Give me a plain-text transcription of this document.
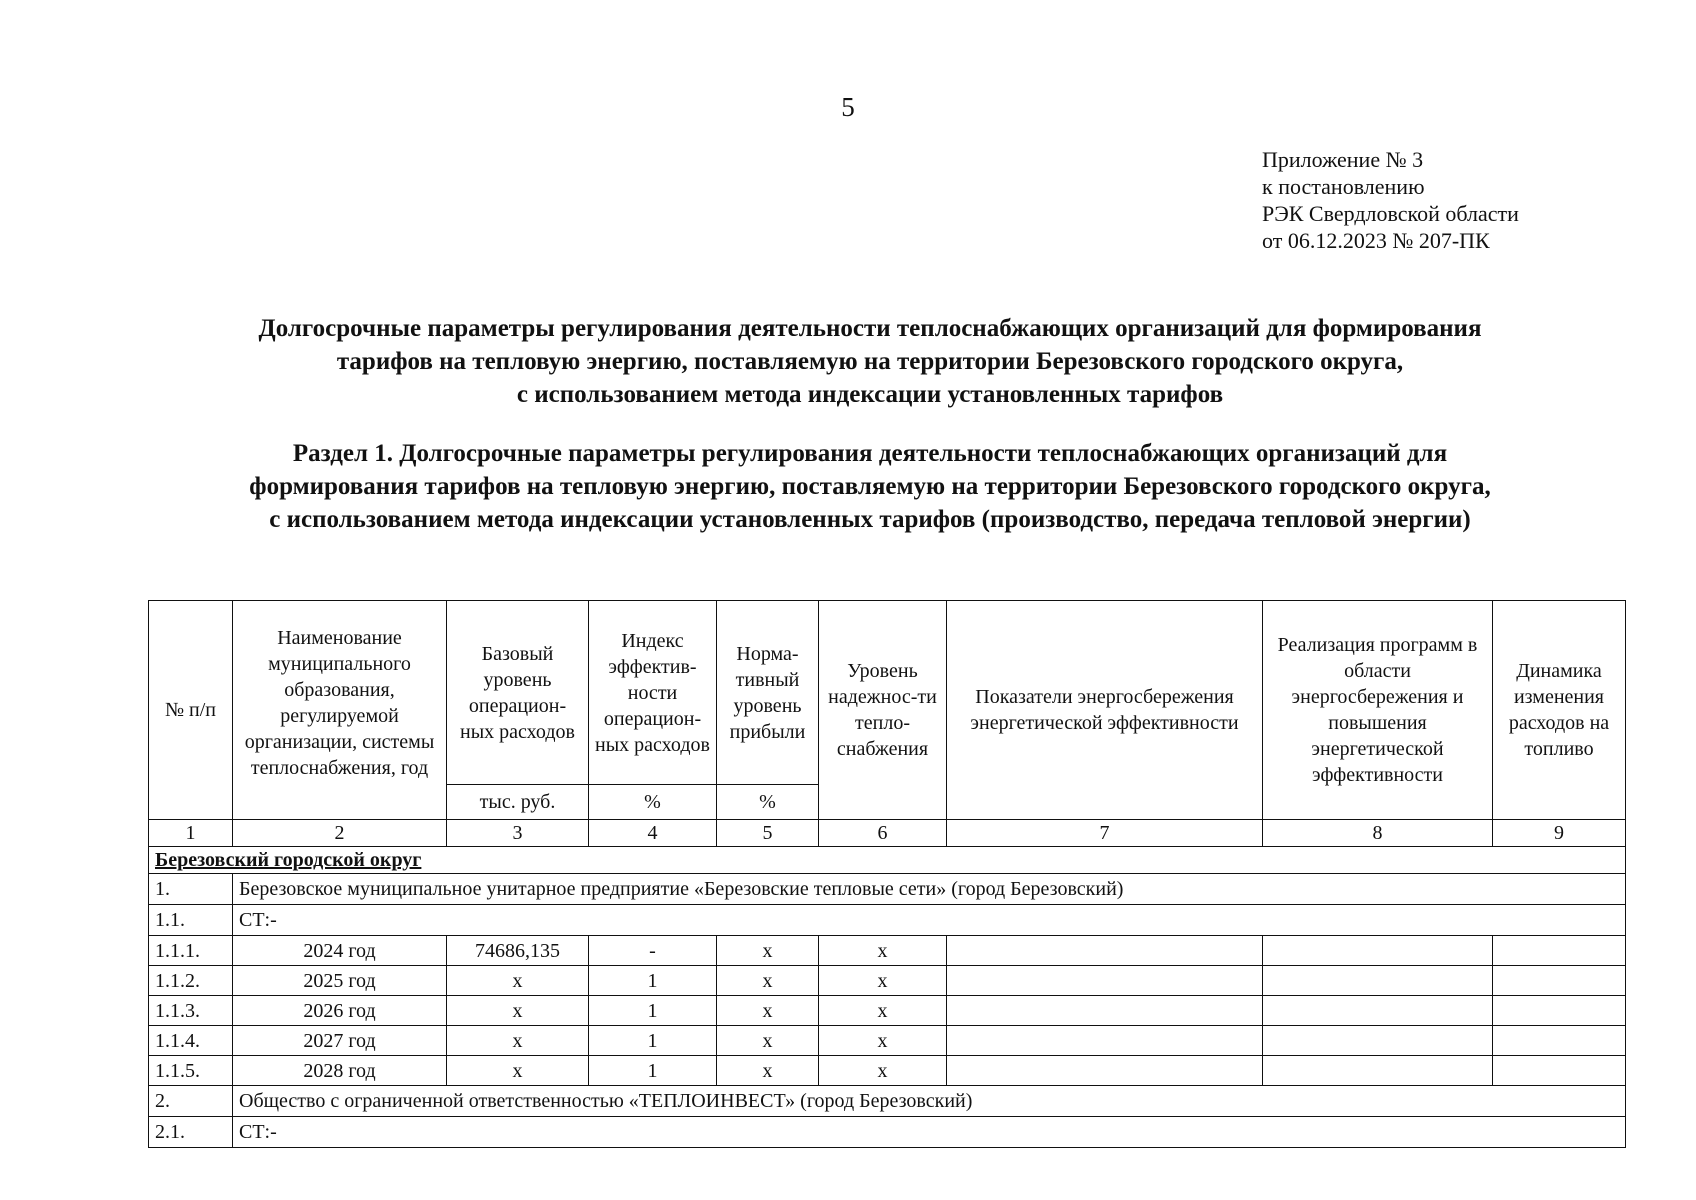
5
Приложение № 3
к постановлению
РЭК Свердловской области
от 06.12.2023 № 207-ПК
Долгосрочные параметры регулирования деятельности теплоснабжающих организаций для формирования
тарифов на тепловую энергию, поставляемую на территории Березовского городского округа,
с использованием метода индексации установленных тарифов
Раздел 1. Долгосрочные параметры регулирования деятельности теплоснабжающих организаций для
формирования тарифов на тепловую энергию, поставляемую на территории Березовского городского округа,
с использованием метода индексации установленных тарифов (производство, передача тепловой энергии)
№ п/п	Наименование муниципального образования, регулируемой организации, системы теплоснабжения, год	Базовый уровень операцион-ных расходов	Индекс эффектив-ности операцион-ных расходов	Норма-тивный уровень прибыли	Уровень надежнос-ти тепло-снабжения	Показатели энергосбережения энергетической эффективности	Реализация программ в области энергосбережения и повышения энергетической эффективности	Динамика изменения расходов на топливо
		тыс. руб.	%	%				
1	2	3	4	5	6	7	8	9
Березовский городской округ								
1.	Березовское муниципальное унитарное предприятие «Березовские тепловые сети» (город Березовский)							
1.1.	СТ:-							
1.1.1.	2024 год	74686,135	-	x	x			
1.1.2.	2025 год	x	1	x	x			
1.1.3.	2026 год	x	1	x	x			
1.1.4.	2027 год	x	1	x	x			
1.1.5.	2028 год	x	1	x	x			
2.	Общество с ограниченной ответственностью «ТЕПЛОИНВЕСТ» (город Березовский)							
2.1.	СТ:-							
